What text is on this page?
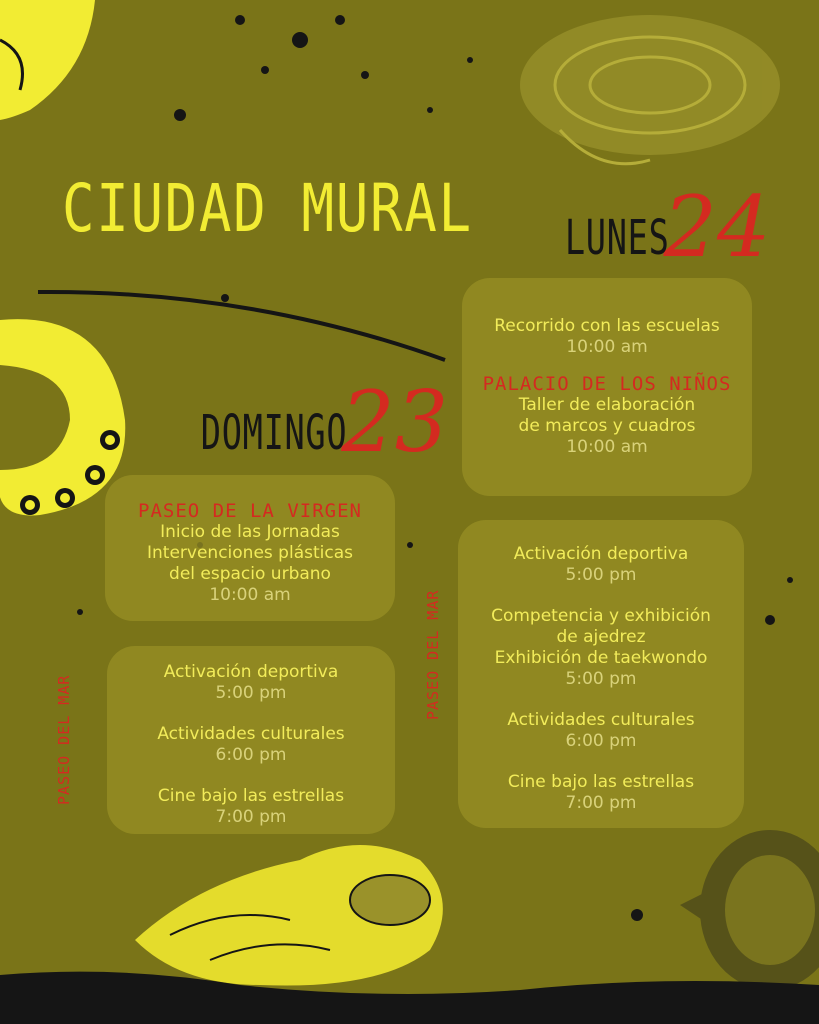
CIUDAD MURAL LUNES
24
Recorrido con las escuelas
10:00 am
PALACIO DE LOS NIÑOS
Taller de elaboración
de marcos y cuadros
10:00 am
Activación deportiva
5:00 pm
Competencia y exhibición
de ajedrez
Exhibición de taekwondo
5:00 pm
Actividades culturales
6:00 pm
Cine bajo las estrellas
7:00 pm
PASEO DEL MAR
DOMINGO
23
PASEO DE LA VIRGEN
Inicio de las Jornadas
Intervenciones plásticas
del espacio urbano
10:00 am
Activación deportiva
5:00 pm
Actividades culturales
6:00 pm
Cine bajo las estrellas
7:00 pm
PASEO DEL MAR
